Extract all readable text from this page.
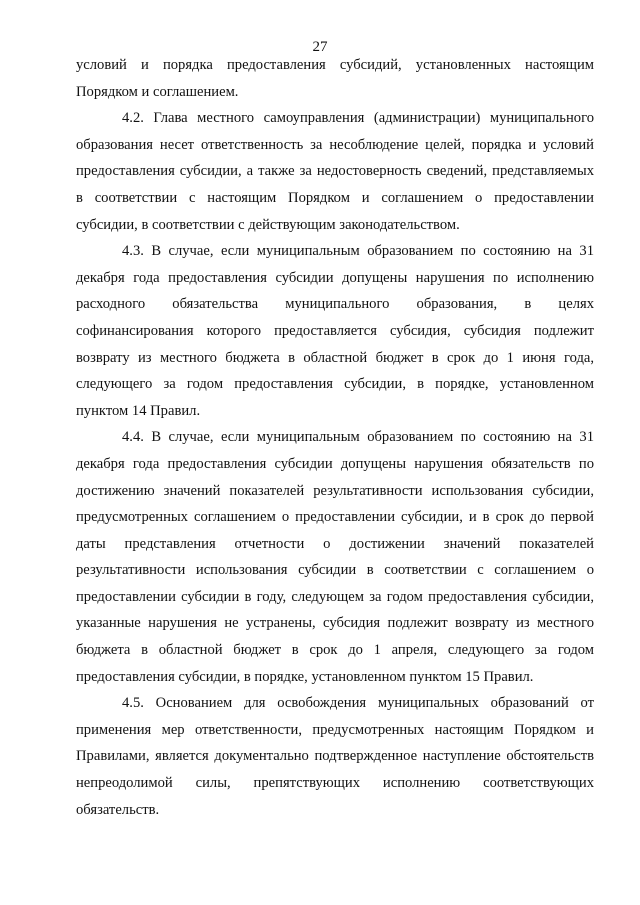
27

условий и порядка предоставления субсидий, установленных настоящим Порядком и соглашением.

4.2. Глава местного самоуправления (администрации) муниципального образования несет ответственность за несоблюдение целей, порядка и условий предоставления субсидии, а также за недостоверность сведений, представляемых в соответствии с настоящим Порядком и соглашением о предоставлении субсидии, в соответствии с действующим законодательством.

4.3. В случае, если муниципальным образованием по состоянию на 31 декабря года предоставления субсидии допущены нарушения по исполнению расходного обязательства муниципального образования, в целях софинансирования которого предоставляется субсидия, субсидия подлежит возврату из местного бюджета в областной бюджет в срок до 1 июня года, следующего за годом предоставления субсидии, в порядке, установленном пунктом 14 Правил.

4.4. В случае, если муниципальным образованием по состоянию на 31 декабря года предоставления субсидии допущены нарушения обязательств по достижению значений показателей результативности использования субсидии, предусмотренных соглашением о предоставлении субсидии, и в срок до первой даты представления отчетности о достижении значений показателей результативности использования субсидии в соответствии с соглашением о предоставлении субсидии в году, следующем за годом предоставления субсидии, указанные нарушения не устранены, субсидия подлежит возврату из местного бюджета в областной бюджет в срок до 1 апреля, следующего за годом предоставления субсидии, в порядке, установленном пунктом 15 Правил.

4.5. Основанием для освобождения муниципальных образований от применения мер ответственности, предусмотренных настоящим Порядком и Правилами, является документально подтвержденное наступление обстоятельств непреодолимой силы, препятствующих исполнению соответствующих обязательств.
